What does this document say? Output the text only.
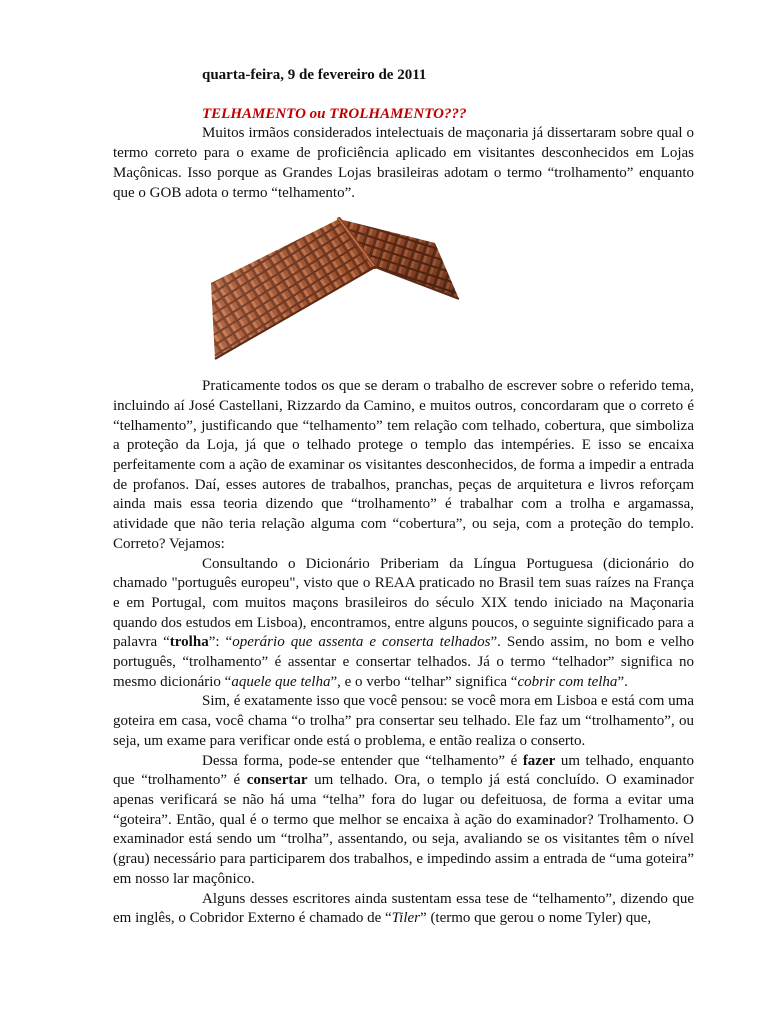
quarta-feira, 9 de fevereiro de 2011
TELHAMENTO ou TROLHAMENTO???

Muitos irmãos considerados intelectuais de maçonaria já dissertaram sobre qual o termo correto para o exame de proficiência aplicado em visitantes desconhecidos em Lojas Maçônicas. Isso porque as Grandes Lojas brasileiras adotam o termo “trolhamento” enquanto que o GOB adota o termo “telhamento”.

Praticamente todos os que se deram o trabalho de escrever sobre o referido tema, incluindo aí José Castellani, Rizzardo da Camino, e muitos outros, concordaram que o correto é “telhamento”, justificando que “telhamento” tem relação com telhado, cobertura, que simboliza a proteção da Loja, já que o telhado protege o templo das intempéries. E isso se encaixa perfeitamente com a ação de examinar os visitantes desconhecidos, de forma a impedir a entrada de profanos. Daí, esses autores de trabalhos, pranchas, peças de arquitetura e livros reforçam ainda mais essa teoria dizendo que “trolhamento” é trabalhar com a trolha e argamassa, atividade que não teria relação alguma com “cobertura”, ou seja, com a proteção do templo. Correto? Vejamos:

Consultando o Dicionário Priberiam da Língua Portuguesa (dicionário do chamado "português europeu", visto que o REAA praticado no Brasil tem suas raízes na França e em Portugal, com muitos maçons brasileiros do século XIX tendo iniciado na Maçonaria quando dos estudos em Lisboa), encontramos, entre alguns poucos, o seguinte significado para a palavra “trolha”: “operário que assenta e conserta telhados”. Sendo assim, no bom e velho português, “trolhamento” é assentar e consertar telhados. Já o termo “telhador” significa no mesmo dicionário “aquele que telha”, e o verbo “telhar” significa “cobrir com telha”.

Sim, é exatamente isso que você pensou: se você mora em Lisboa e está com uma goteira em casa, você chama “o trolha” pra consertar seu telhado. Ele faz um “trolhamento”, ou seja, um exame para verificar onde está o problema, e então realiza o conserto.

Dessa forma, pode-se entender que “telhamento” é fazer um telhado, enquanto que “trolhamento” é consertar um telhado. Ora, o templo já está concluído. O examinador apenas verificará se não há uma “telha” fora do lugar ou defeituosa, de forma a evitar uma “goteira”. Então, qual é o termo que melhor se encaixa à ação do examinador? Trolhamento. O examinador está sendo um “trolha”, assentando, ou seja, avaliando se os visitantes têm o nível (grau) necessário para participarem dos trabalhos, e impedindo assim a entrada de “uma goteira” em nosso lar maçônico.

Alguns desses escritores ainda sustentam essa tese de “telhamento”, dizendo que em inglês, o Cobridor Externo é chamado de “Tiler” (termo que gerou o nome Tyler) que,
